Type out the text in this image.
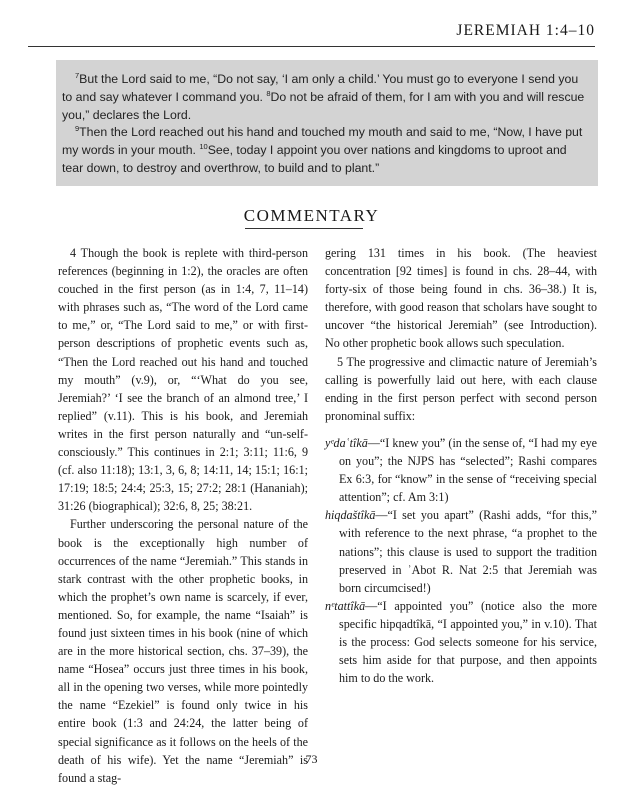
JEREMIAH 1:4–10

$^7$But the Lord said to me, “Do not say, ‘I am only a child.’ You must go to everyone I send you to and say whatever I command you. $^8$Do not be afraid of them, for I am with you and will rescue you,” declares the Lord.

$^9$Then the Lord reached out his hand and touched my mouth and said to me, “Now, I have put my words in your mouth. $^{10}$See, today I appoint you over nations and kingdoms to uproot and tear down, to destroy and overthrow, to build and to plant.”

COMMENTARY

4 Though the book is replete with third-person references (beginning in 1:2), the oracles are often couched in the first person (as in 1:4, 7, 11–14) with phrases such as, “The word of the Lord came to me,” or, “The Lord said to me,” or with first-person descriptions of prophetic events such as, “Then the Lord reached out his hand and touched my mouth” (v.9), or, “‘What do you see, Jeremiah?’ ‘I see the branch of an almond tree,’ I replied” (v.11). This is his book, and Jeremiah writes in the first person naturally and “un-self-consciously.” This continues in 2:1; 3:11; 11:6, 9 (cf. also 11:18); 13:1, 3, 6, 8; 14:11, 14; 15:1; 16:1; 17:19; 18:5; 24:4; 25:3, 15; 27:2; 28:1 (Hananiah); 31:26 (biographical); 32:6, 8, 25; 38:21.

Further underscoring the personal nature of the book is the exceptionally high number of occurrences of the name “Jeremiah.” This stands in stark contrast with the other prophetic books, in which the prophet’s own name is scarcely, if ever, mentioned. So, for example, the name “Isaiah” is found just sixteen times in his book (nine of which are in the more historical section, chs. 37–39), the name “Hosea” occurs just three times in his book, all in the opening two verses, while more pointedly the name “Ezekiel” is found only twice in his entire book (1:3 and 24:24, the latter being of special significance as it follows on the heels of the death of his wife). Yet the name “Jeremiah” is found a stag-

gering 131 times in his book. (The heaviest concentration [92 times] is found in chs. 28–44, with forty-six of those being found in chs. 36–38.) It is, therefore, with good reason that scholars have sought to uncover “the historical Jeremiah” (see Introduction). No other prophetic book allows such speculation.

5 The progressive and climactic nature of Jeremiah’s calling is powerfully laid out here, with each clause ending in the first person perfect with second person pronominal suffix:

yᵉdaʿtîkā—“I knew you” (in the sense of, “I had my eye on you”; the NJPS has “selected”; Rashi compares Ex 6:3, for “know” in the sense of “receiving special attention”; cf. Am 3:1)

hiqdaštîkā—“I set you apart” (Rashi adds, “for this,” with reference to the next phrase, “a prophet to the nations”; this clause is used to support the tradition preserved in ʾAbot R. Nat 2:5 that Jeremiah was born circumcised!)

nᵉtattîkā—“I appointed you” (notice also the more specific hipqadtîkā, “I appointed you,” in v.10). That is the process: God selects someone for his service, sets him aside for that purpose, and then appoints him to do the work.

73
